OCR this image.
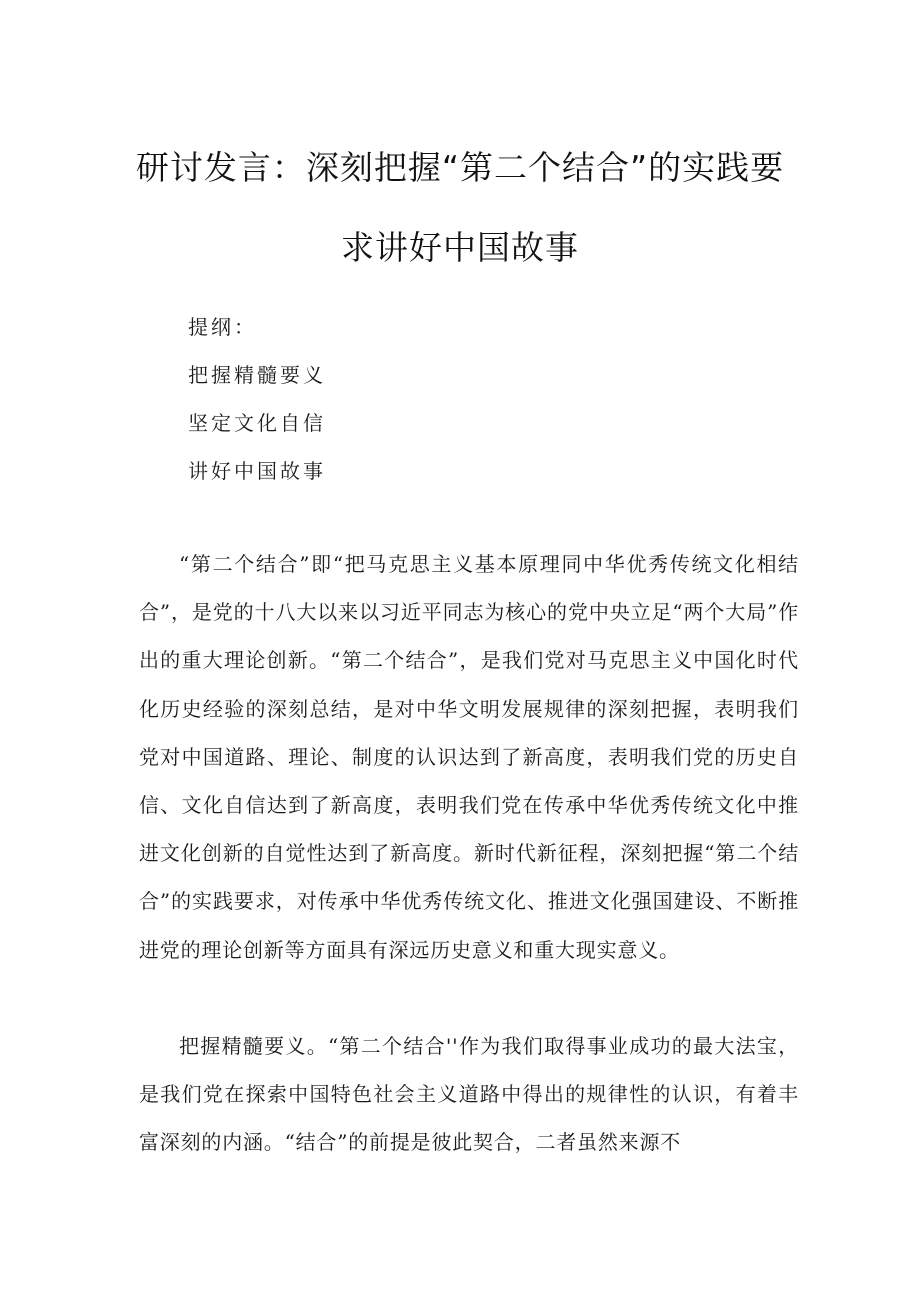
研讨发言：深刻把握“第二个结合”的实践要
求讲好中国故事
提纲：
把握精髓要义
坚定文化自信
讲好中国故事

“第二个结合”即“把马克思主义基本原理同中华优秀传统文化相结合”，是党的十八大以来以习近平同志为核心的党中央立足“两个大局”作出的重大理论创新。“第二个结合”，是我们党对马克思主义中国化时代化历史经验的深刻总结，是对中华文明发展规律的深刻把握，表明我们党对中国道路、理论、制度的认识达到了新高度，表明我们党的历史自信、文化自信达到了新高度，表明我们党在传承中华优秀传统文化中推进文化创新的自觉性达到了新高度。新时代新征程，深刻把握“第二个结合”的实践要求，对传承中华优秀传统文化、推进文化强国建设、不断推进党的理论创新等方面具有深远历史意义和重大现实意义。

把握精髓要义。“第二个结合''作为我们取得事业成功的最大法宝，是我们党在探索中国特色社会主义道路中得出的规律性的认识，有着丰富深刻的内涵。“结合”的前提是彼此契合，二者虽然来源不
